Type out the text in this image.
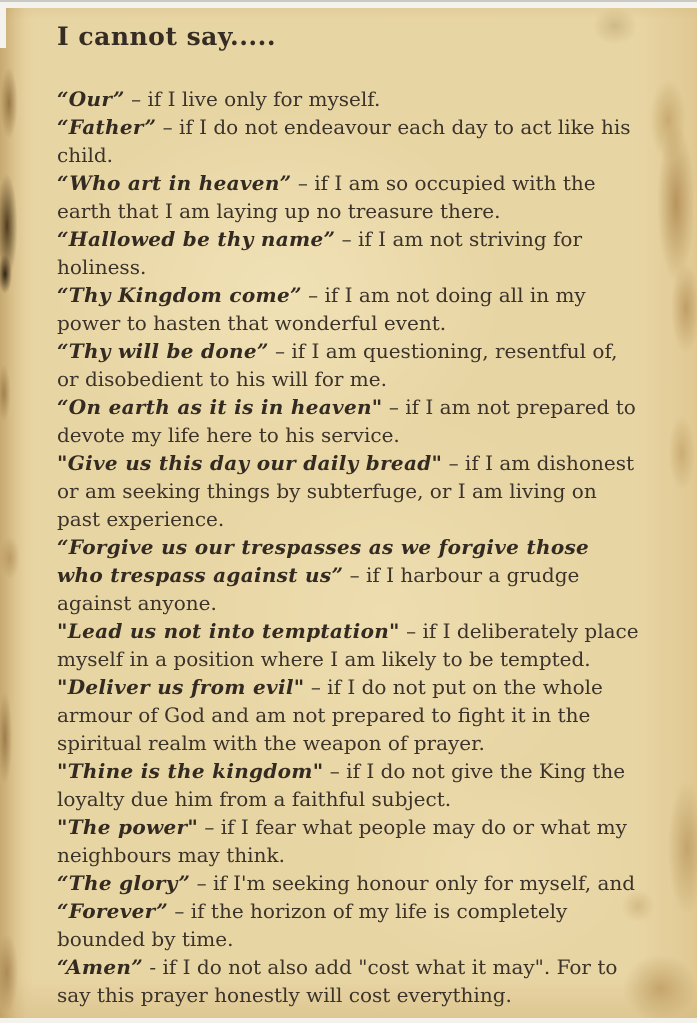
I cannot say.....

“Our” – if I live only for myself.

“Father” – if I do not endeavour each day to act like his child.

“Who art in heaven” – if I am so occupied with the earth that I am laying up no treasure there.

“Hallowed be thy name” – if I am not striving for holiness.

“Thy Kingdom come” – if I am not doing all in my power to hasten that wonderful event.

“Thy will be done” – if I am questioning, resentful of, or disobedient to his will for me.

“On earth as it is in heaven" – if I am not prepared to devote my life here to his service.

"Give us this day our daily bread" – if I am dishonest or am seeking things by subterfuge, or I am living on past experience.

“Forgive us our trespasses as we forgive those who trespass against us” – if I harbour a grudge against anyone.

"Lead us not into temptation" – if I deliberately place myself in a position where I am likely to be tempted.

"Deliver us from evil" – if I do not put on the whole armour of God and am not prepared to fight it in the spiritual realm with the weapon of prayer.

"Thine is the kingdom" – if I do not give the King the loyalty due him from a faithful subject.

"The power" – if I fear what people may do or what my neighbours may think.

“The glory” – if I'm seeking honour only for myself, and

“Forever” – if the horizon of my life is completely bounded by time.

“Amen” - if I do not also add "cost what it may". For to say this prayer honestly will cost everything.
